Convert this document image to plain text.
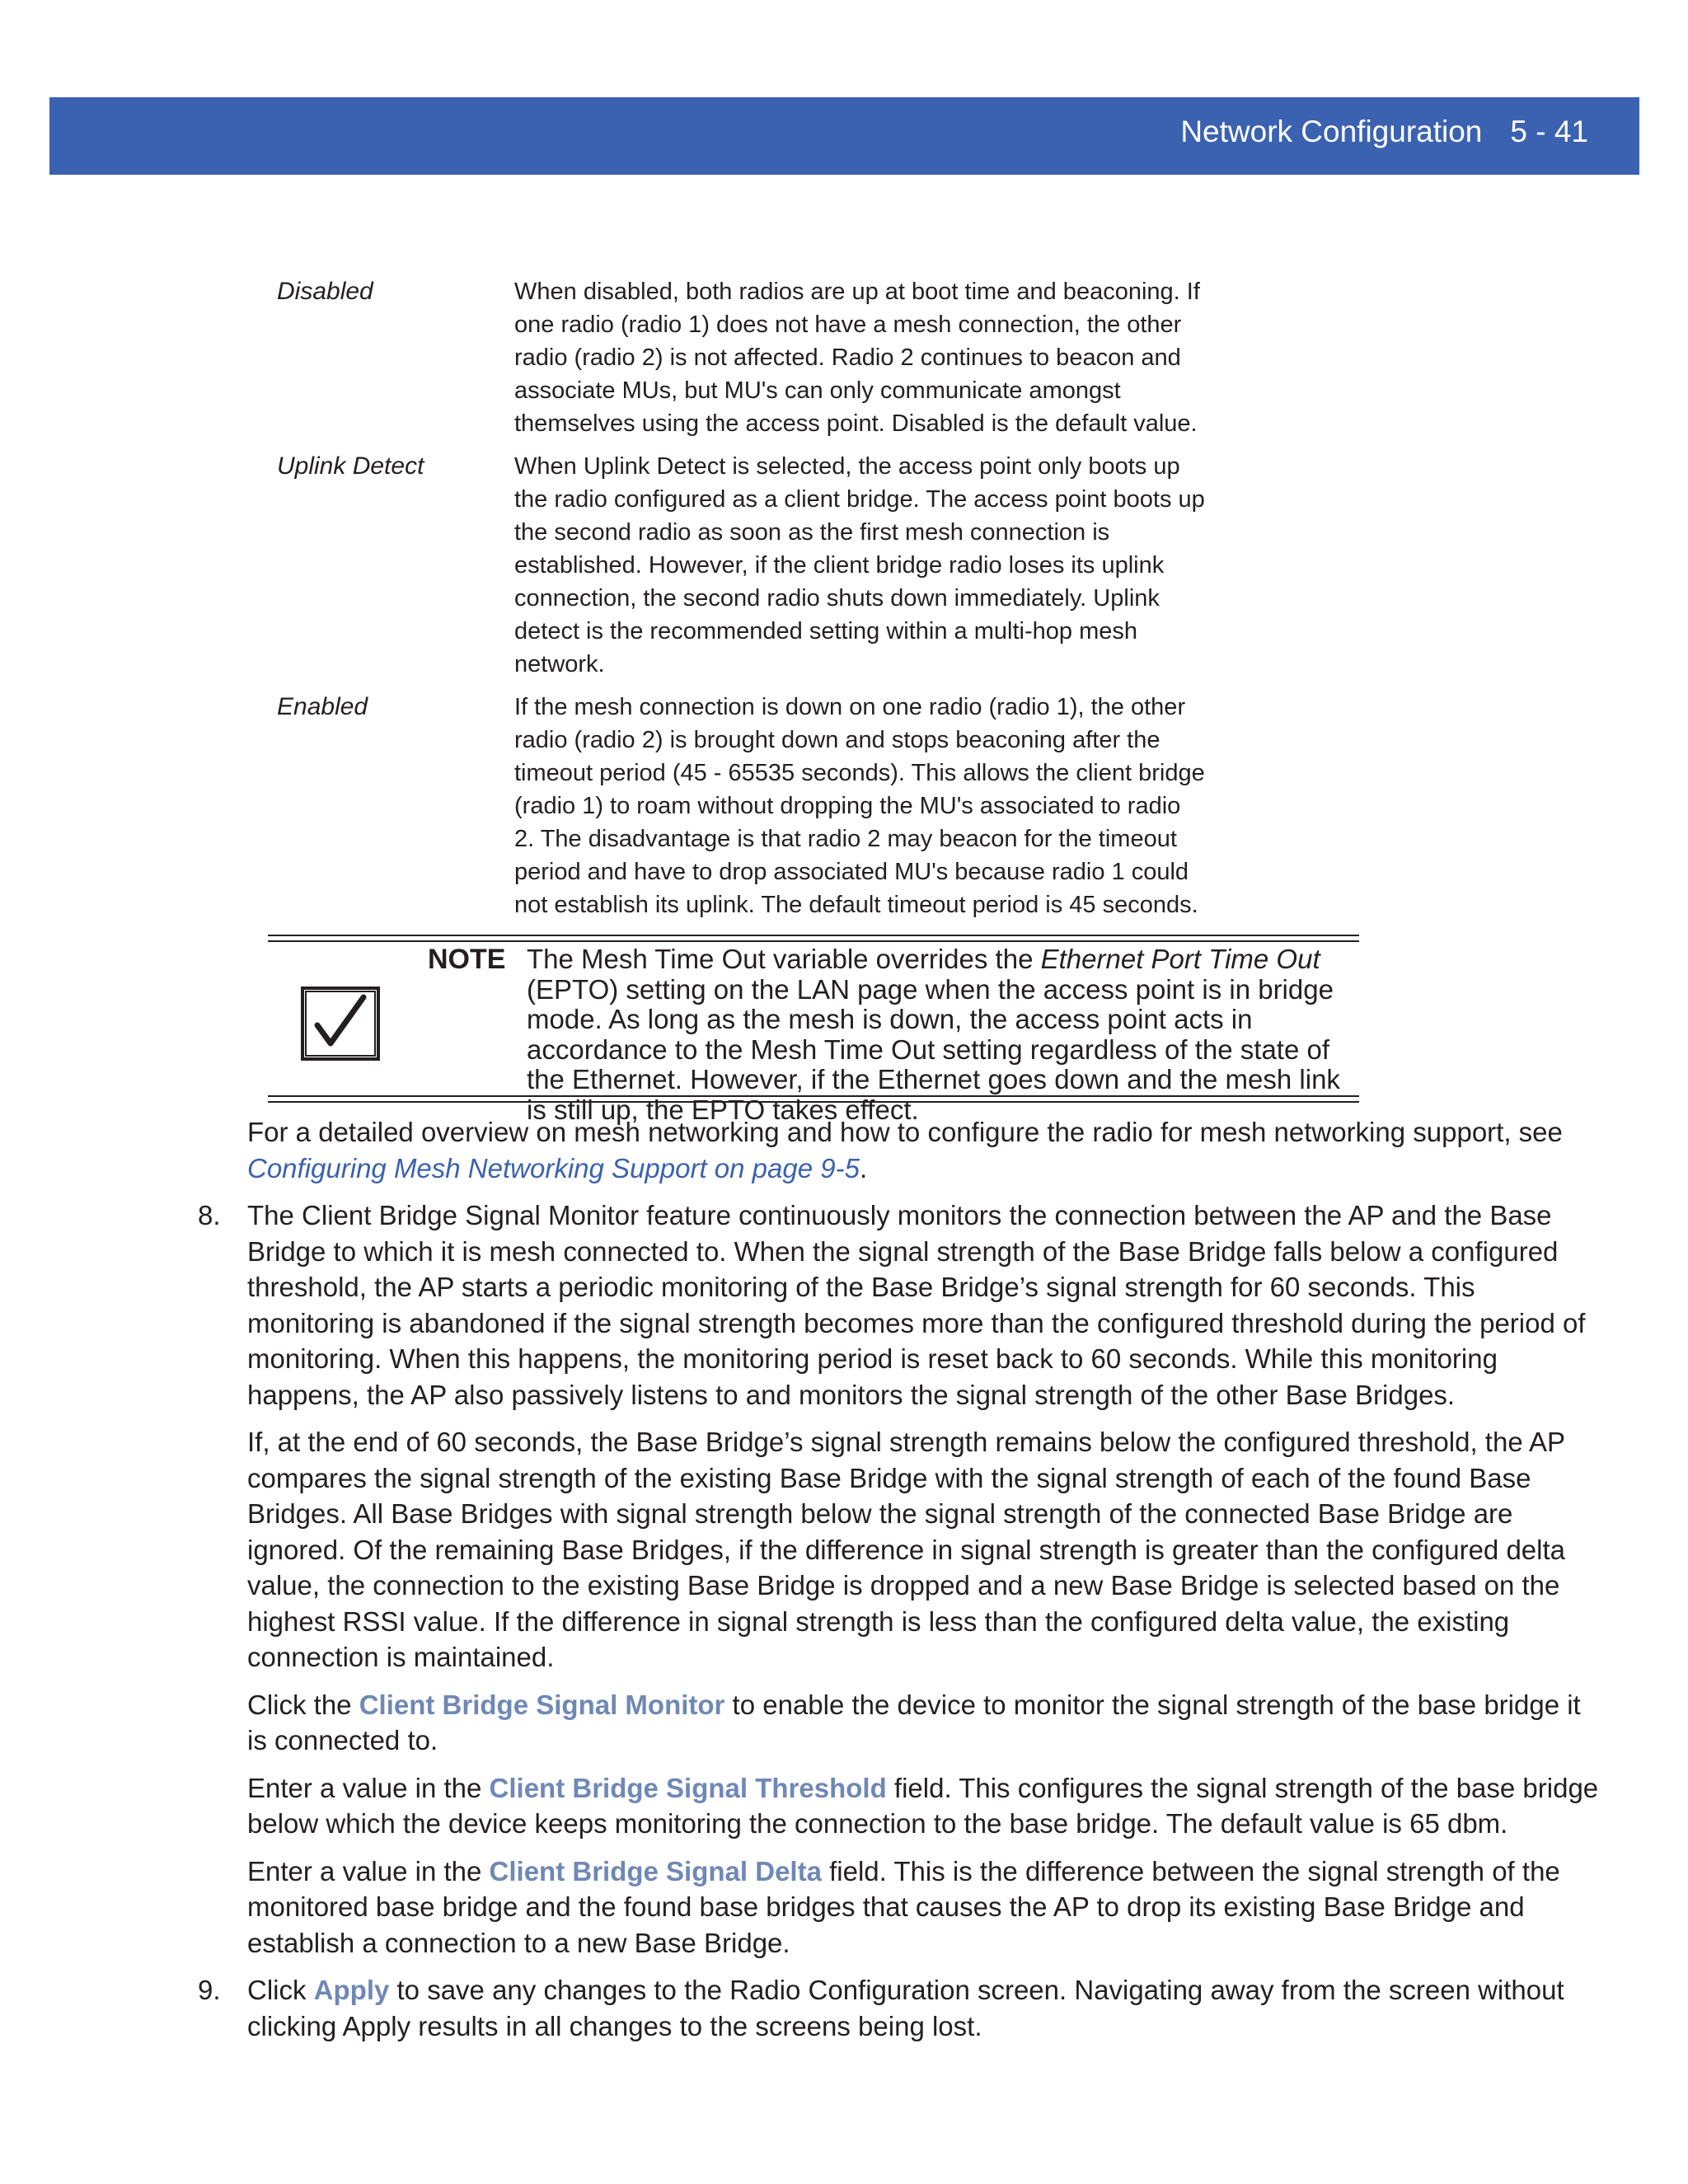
Network Configuration 5 - 41
Disabled	When disabled, both radios are up at boot time and beaconing. If one radio (radio 1) does not have a mesh connection, the other radio (radio 2) is not affected. Radio 2 continues to beacon and associate MUs, but MU's can only communicate amongst themselves using the access point. Disabled is the default value.
Uplink Detect	When Uplink Detect is selected, the access point only boots up the radio configured as a client bridge. The access point boots up the second radio as soon as the first mesh connection is established. However, if the client bridge radio loses its uplink connection, the second radio shuts down immediately. Uplink detect is the recommended setting within a multi-hop mesh network.
Enabled	If the mesh connection is down on one radio (radio 1), the other radio (radio 2) is brought down and stops beaconing after the timeout period (45 - 65535 seconds). This allows the client bridge (radio 1) to roam without dropping the MU's associated to radio 2. The disadvantage is that radio 2 may beacon for the timeout period and have to drop associated MU's because radio 1 could not establish its uplink. The default timeout period is 45 seconds.
NOTE The Mesh Time Out variable overrides the Ethernet Port Time Out (EPTO) setting on the LAN page when the access point is in bridge mode. As long as the mesh is down, the access point acts in accordance to the Mesh Time Out setting regardless of the state of the Ethernet. However, if the Ethernet goes down and the mesh link is still up, the EPTO takes effect.

For a detailed overview on mesh networking and how to configure the radio for mesh networking support, see Configuring Mesh Networking Support on page 9-5.

8. The Client Bridge Signal Monitor feature continuously monitors the connection between the AP and the Base Bridge to which it is mesh connected to. When the signal strength of the Base Bridge falls below a configured threshold, the AP starts a periodic monitoring of the Base Bridge’s signal strength for 60 seconds. This monitoring is abandoned if the signal strength becomes more than the configured threshold during the period of monitoring. When this happens, the monitoring period is reset back to 60 seconds. While this monitoring happens, the AP also passively listens to and monitors the signal strength of the other Base Bridges.

If, at the end of 60 seconds, the Base Bridge’s signal strength remains below the configured threshold, the AP compares the signal strength of the existing Base Bridge with the signal strength of each of the found Base Bridges. All Base Bridges with signal strength below the signal strength of the connected Base Bridge are ignored. Of the remaining Base Bridges, if the difference in signal strength is greater than the configured delta value, the connection to the existing Base Bridge is dropped and a new Base Bridge is selected based on the highest RSSI value. If the difference in signal strength is less than the configured delta value, the existing connection is maintained.

Click the Client Bridge Signal Monitor to enable the device to monitor the signal strength of the base bridge it is connected to.

Enter a value in the Client Bridge Signal Threshold field. This configures the signal strength of the base bridge below which the device keeps monitoring the connection to the base bridge. The default value is 65 dbm.

Enter a value in the Client Bridge Signal Delta field. This is the difference between the signal strength of the monitored base bridge and the found base bridges that causes the AP to drop its existing Base Bridge and establish a connection to a new Base Bridge.

9. Click Apply to save any changes to the Radio Configuration screen. Navigating away from the screen without clicking Apply results in all changes to the screens being lost.
